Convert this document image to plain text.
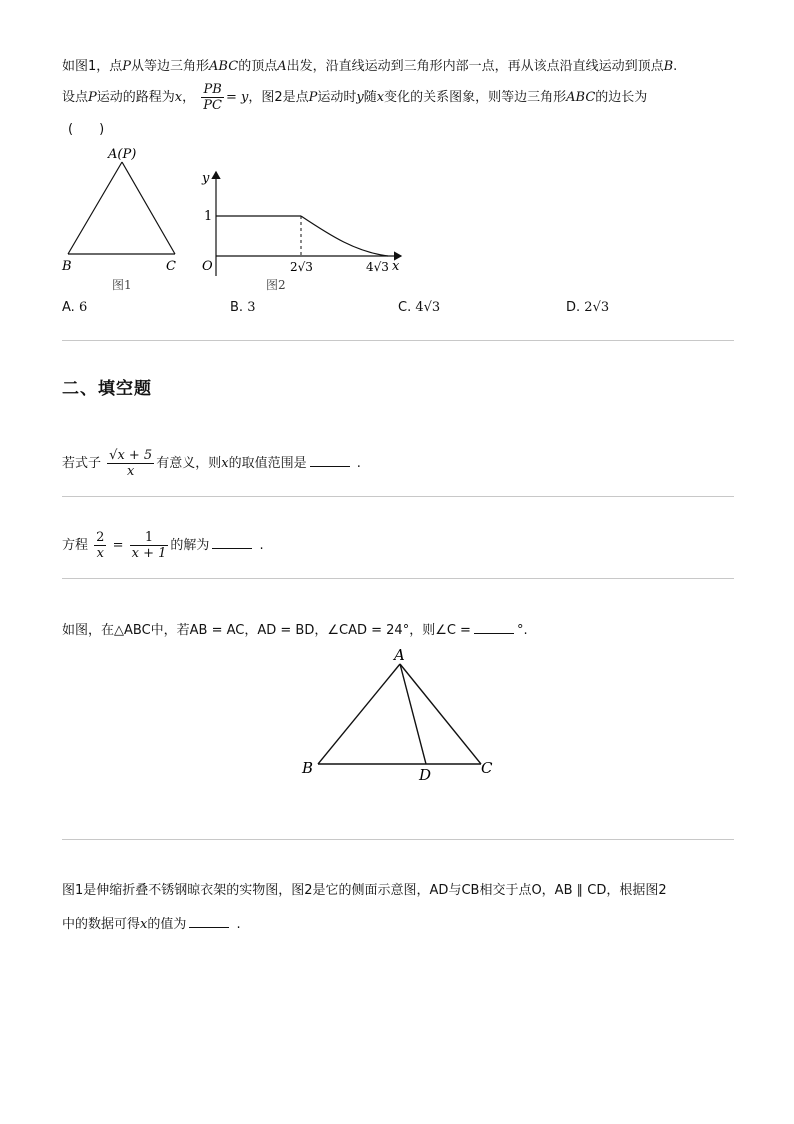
如图1，点P从等边三角形ABC的顶点A出发，沿直线运动到三角形内部一点，再从该点沿直线运动到顶点B.
设点P运动的路程为x， $\frac{PB}{PC} = y$，图2是点P运动时y随x变化的关系图象，则等边三角形ABC的边长为
(　　)
A(P)
B	C
图1
y
1
O	2√3	4√3 x
图2
A. 6	B. 3	C. 4√3	D. 2√3
二、填空题
若式子 $\frac{√x + 5}{x}$ 有意义，则x的取值范围是	.
方程 $\frac{2}{x} = \frac{1}{x + 1}$ 的解为	.
如图，在△ABC中，若AB = AC，AD = BD，∠CAD = 24°，则∠C =	°.
A
B	C
D
图1是伸缩折叠不锈钢晾衣架的实物图，图2是它的侧面示意图，AD与CB相交于点O，AB ∥ CD，根据图2
中的数据可得x的值为	.
